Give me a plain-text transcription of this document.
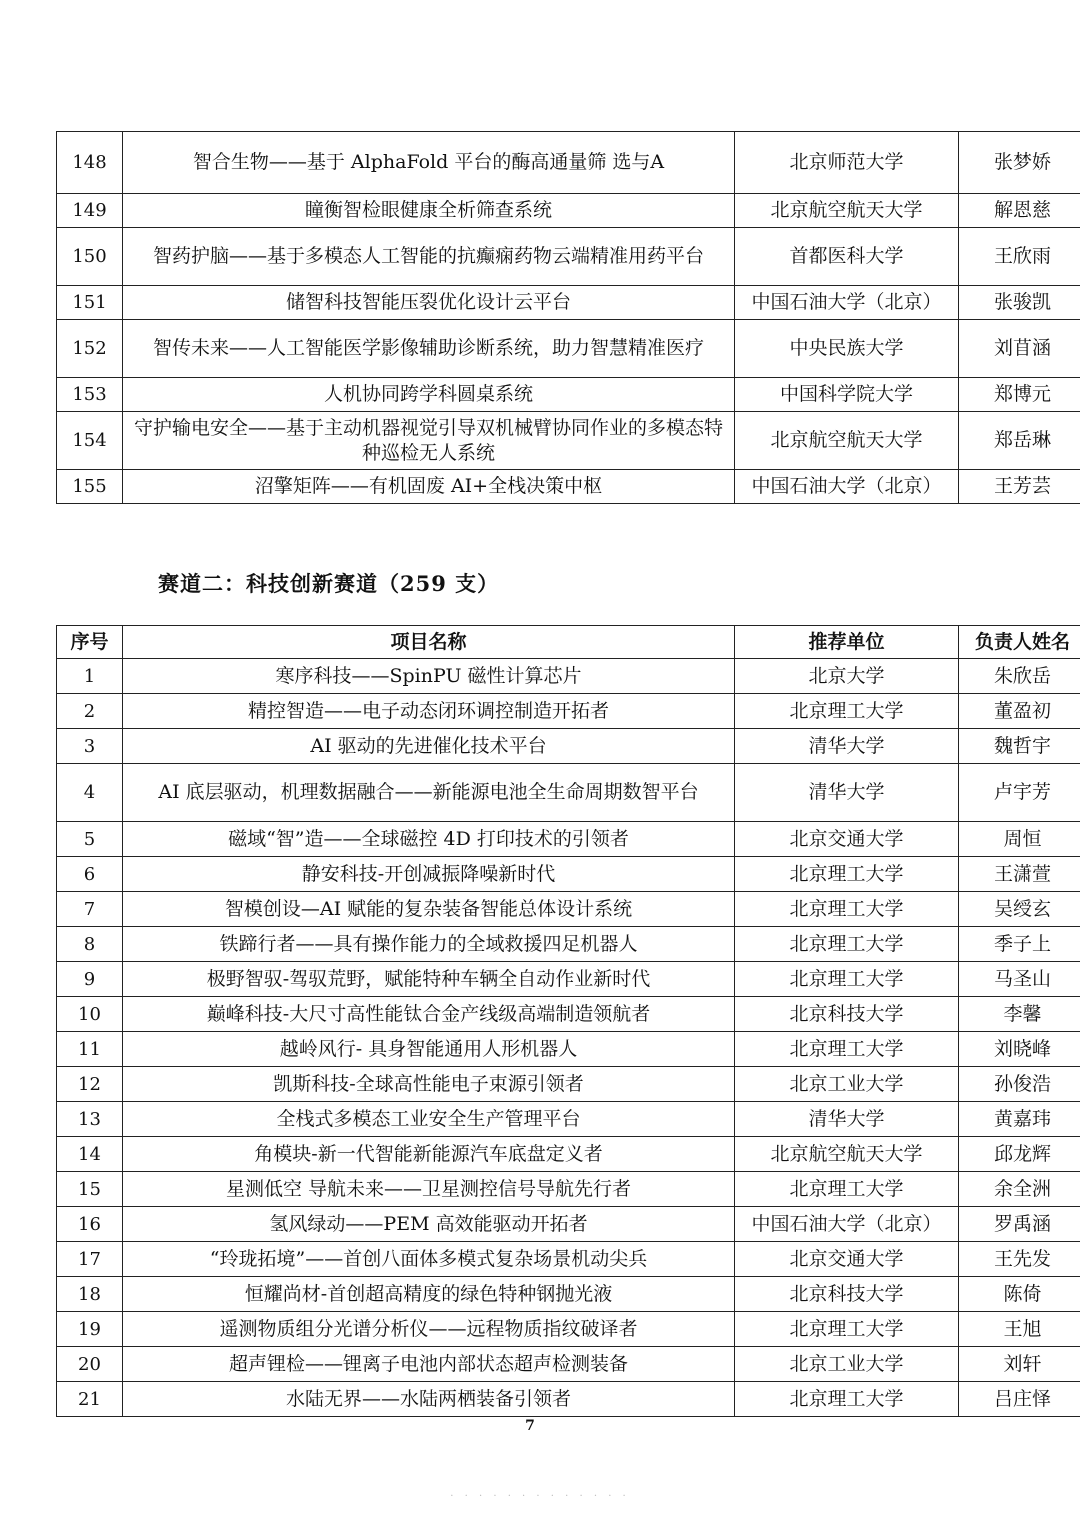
148	智合生物——基于 AlphaFold 平台的酶高通量筛 选与A	北京师范大学	张梦娇
149	瞳衡智检眼健康全析筛查系统	北京航空航天大学	解恩慈
150	智药护脑——基于多模态人工智能的抗癫痫药物云端精准用药平台	首都医科大学	王欣雨
151	储智科技智能压裂优化设计云平台	中国石油大学（北京）	张骏凯
152	智传未来——人工智能医学影像辅助诊断系统，助力智慧精准医疗	中央民族大学	刘苜涵
153	人机协同跨学科圆桌系统	中国科学院大学	郑博元
154	守护输电安全——基于主动机器视觉引导双机械臂协同作业的多模态特种巡检无人系统	北京航空航天大学	郑岳琳
155	沼擎矩阵——有机固废 AI+全栈决策中枢	中国石油大学（北京）	王芳芸
赛道二：科技创新赛道（259 支）
序号	项目名称	推荐单位	负责人姓名
1	寒序科技——SpinPU 磁性计算芯片	北京大学	朱欣岳
2	精控智造——电子动态闭环调控制造开拓者	北京理工大学	董盈初
3	AI 驱动的先进催化技术平台	清华大学	魏哲宇
4	AI 底层驱动，机理数据融合——新能源电池全生命周期数智平台	清华大学	卢宇芳
5	磁域“智”造——全球磁控 4D 打印技术的引领者	北京交通大学	周恒
6	静安科技-开创减振降噪新时代	北京理工大学	王潇萱
7	智模创设—AI 赋能的复杂装备智能总体设计系统	北京理工大学	吴绶玄
8	铁蹄行者——具有操作能力的全域救援四足机器人	北京理工大学	季子上
9	极野智驭-驾驭荒野，赋能特种车辆全自动作业新时代	北京理工大学	马圣山
10	巅峰科技-大尺寸高性能钛合金产线级高端制造领航者	北京科技大学	李馨
11	越岭风行- 具身智能通用人形机器人	北京理工大学	刘晓峰
12	凯斯科技-全球高性能电子束源引领者	北京工业大学	孙俊浩
13	全栈式多模态工业安全生产管理平台	清华大学	黄嘉玮
14	角模块-新一代智能新能源汽车底盘定义者	北京航空航天大学	邱龙辉
15	星测低空 导航未来——卫星测控信号导航先行者	北京理工大学	余全洲
16	氢风绿动——PEM 高效能驱动开拓者	中国石油大学（北京）	罗禹涵
17	“玲珑拓境”——首创八面体多模式复杂场景机动尖兵	北京交通大学	王先发
18	恒耀尚材-首创超高精度的绿色特种钢抛光液	北京科技大学	陈倚
19	遥测物质组分光谱分析仪——远程物质指纹破译者	北京理工大学	王旭
20	超声锂检——锂离子电池内部状态超声检测装备	北京工业大学	刘轩
21	水陆无界——水陆两栖装备引领者	北京理工大学	吕庄怿
7
. . . . . . . . . . . . .
